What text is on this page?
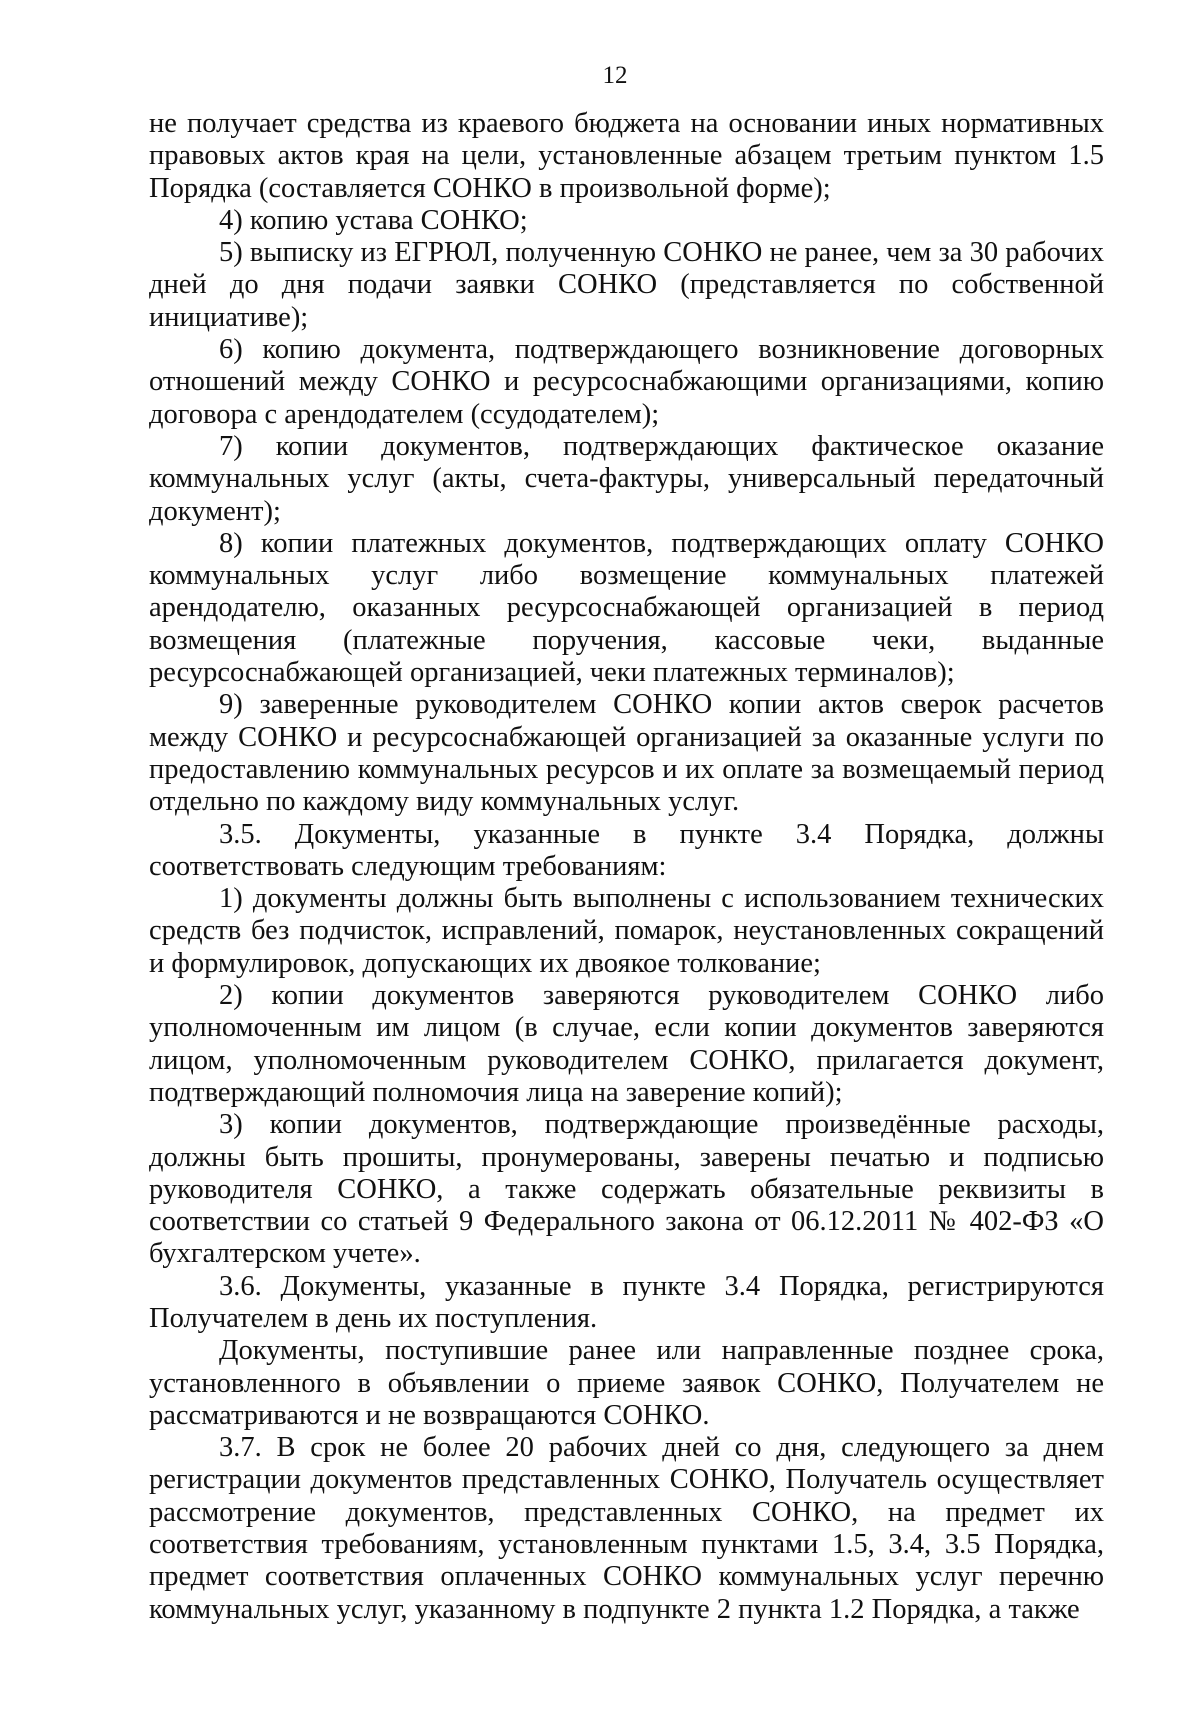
12

не получает средства из краевого бюджета на основании иных нормативных правовых актов края на цели, установленные абзацем третьим пунктом 1.5 Порядка (составляется СОНКО в произвольной форме);

4) копию устава СОНКО;

5) выписку из ЕГРЮЛ, полученную СОНКО не ранее, чем за 30 рабочих дней до дня подачи заявки СОНКО (представляется по собственной инициативе);

6) копию документа, подтверждающего возникновение договорных отношений между СОНКО и ресурсоснабжающими организациями, копию договора с арендодателем (ссудодателем);

7) копии документов, подтверждающих фактическое оказание коммунальных услуг (акты, счета-фактуры, универсальный передаточный документ);

8) копии платежных документов, подтверждающих оплату СОНКО коммунальных услуг либо возмещение коммунальных платежей арендодателю, оказанных ресурсоснабжающей организацией в период возмещения (платежные поручения, кассовые чеки, выданные ресурсоснабжающей организацией, чеки платежных терминалов);

9) заверенные руководителем СОНКО копии актов сверок расчетов между СОНКО и ресурсоснабжающей организацией за оказанные услуги по предоставлению коммунальных ресурсов и их оплате за возмещаемый период отдельно по каждому виду коммунальных услуг.

3.5. Документы, указанные в пункте 3.4 Порядка, должны соответствовать следующим требованиям:

1) документы должны быть выполнены с использованием технических средств без подчисток, исправлений, помарок, неустановленных сокращений и формулировок, допускающих их двоякое толкование;

2) копии документов заверяются руководителем СОНКО либо уполномоченным им лицом (в случае, если копии документов заверяются лицом, уполномоченным руководителем СОНКО, прилагается документ, подтверждающий полномочия лица на заверение копий);

3) копии документов, подтверждающие произведённые расходы, должны быть прошиты, пронумерованы, заверены печатью и подписью руководителя СОНКО, а также содержать обязательные реквизиты в соответствии со статьей 9 Федерального закона от 06.12.2011 № 402-ФЗ «О бухгалтерском учете».

3.6. Документы, указанные в пункте 3.4 Порядка, регистрируются Получателем в день их поступления.

Документы, поступившие ранее или направленные позднее срока, установленного в объявлении о приеме заявок СОНКО, Получателем не рассматриваются и не возвращаются СОНКО.

3.7. В срок не более 20 рабочих дней со дня, следующего за днем регистрации документов представленных СОНКО, Получатель осуществляет рассмотрение документов, представленных СОНКО, на предмет их соответствия требованиям, установленным пунктами 1.5, 3.4, 3.5 Порядка, предмет соответствия оплаченных СОНКО коммунальных услуг перечню коммунальных услуг, указанному в подпункте 2 пункта 1.2 Порядка, а также
